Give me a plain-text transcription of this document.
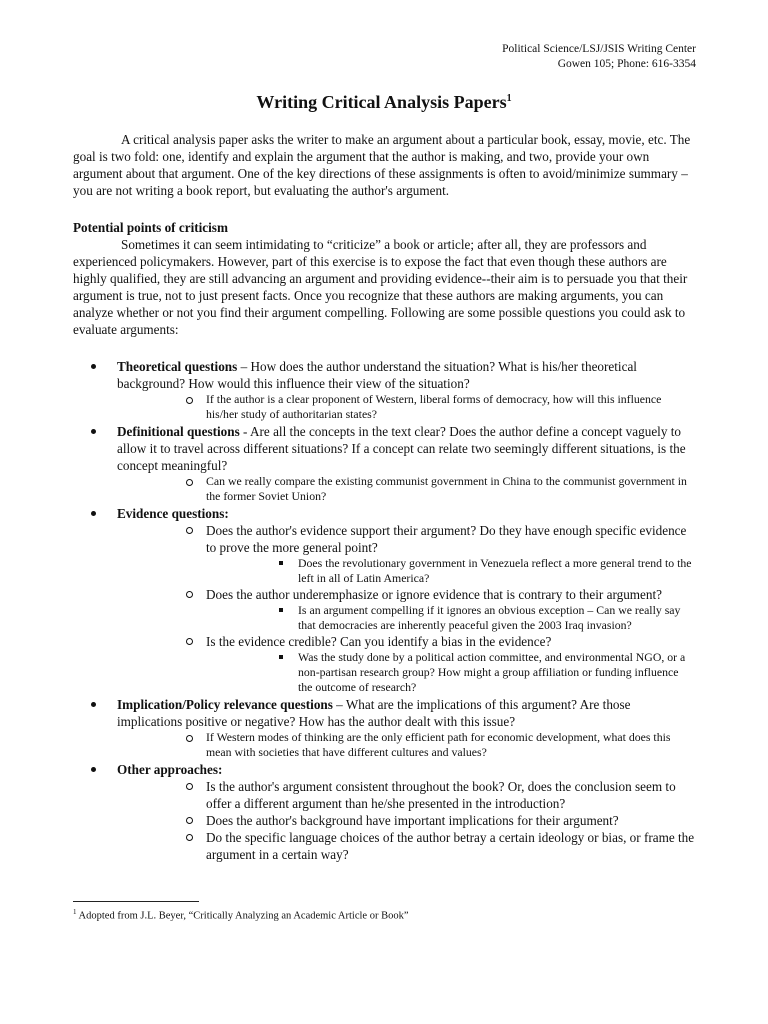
Political Science/LSJ/JSIS Writing Center
Gowen 105; Phone: 616-3354
Writing Critical Analysis Papers$^1$

A critical analysis paper asks the writer to make an argument about a particular book, essay, movie, etc. The goal is two fold: one, identify and explain the argument that the author is making, and two, provide your own argument about that argument. One of the key directions of these assignments is often to avoid/minimize summary – you are not writing a book report, but evaluating the author's argument.

Potential points of criticism

Sometimes it can seem intimidating to “criticize” a book or article; after all, they are professors and experienced policymakers. However, part of this exercise is to expose the fact that even though these authors are highly qualified, they are still advancing an argument and providing evidence--their aim is to persuade you that their argument is true, not to just present facts. Once you recognize that these authors are making arguments, you can analyze whether or not you find their argument compelling. Following are some possible questions you could ask to evaluate arguments:

Theoretical questions – How does the author understand the situation? What is his/her theoretical background? How would this influence their view of the situation?
If the author is a clear proponent of Western, liberal forms of democracy, how will this influence his/her study of authoritarian states?
Definitional questions - Are all the concepts in the text clear? Does the author define a concept vaguely to allow it to travel across different situations? If a concept can relate two seemingly different situations, is the concept meaningful?
Can we really compare the existing communist government in China to the communist government in the former Soviet Union?
Evidence questions:
Does the author's evidence support their argument? Do they have enough specific evidence to prove the more general point?
Does the revolutionary government in Venezuela reflect a more general trend to the left in all of Latin America?
Does the author underemphasize or ignore evidence that is contrary to their argument?
Is an argument compelling if it ignores an obvious exception – Can we really say that democracies are inherently peaceful given the 2003 Iraq invasion?
Is the evidence credible? Can you identify a bias in the evidence?
Was the study done by a political action committee, and environmental NGO, or a non-partisan research group? How might a group affiliation or funding influence the outcome of research?
Implication/Policy relevance questions – What are the implications of this argument? Are those implications positive or negative? How has the author dealt with this issue?
If Western modes of thinking are the only efficient path for economic development, what does this mean with societies that have different cultures and values?
Other approaches:
Is the author's argument consistent throughout the book? Or, does the conclusion seem to offer a different argument than he/she presented in the introduction?
Does the author's background have important implications for their argument?
Do the specific language choices of the author betray a certain ideology or bias, or frame the argument in a certain way?
$^1$ Adopted from J.L. Beyer, “Critically Analyzing an Academic Article or Book”
